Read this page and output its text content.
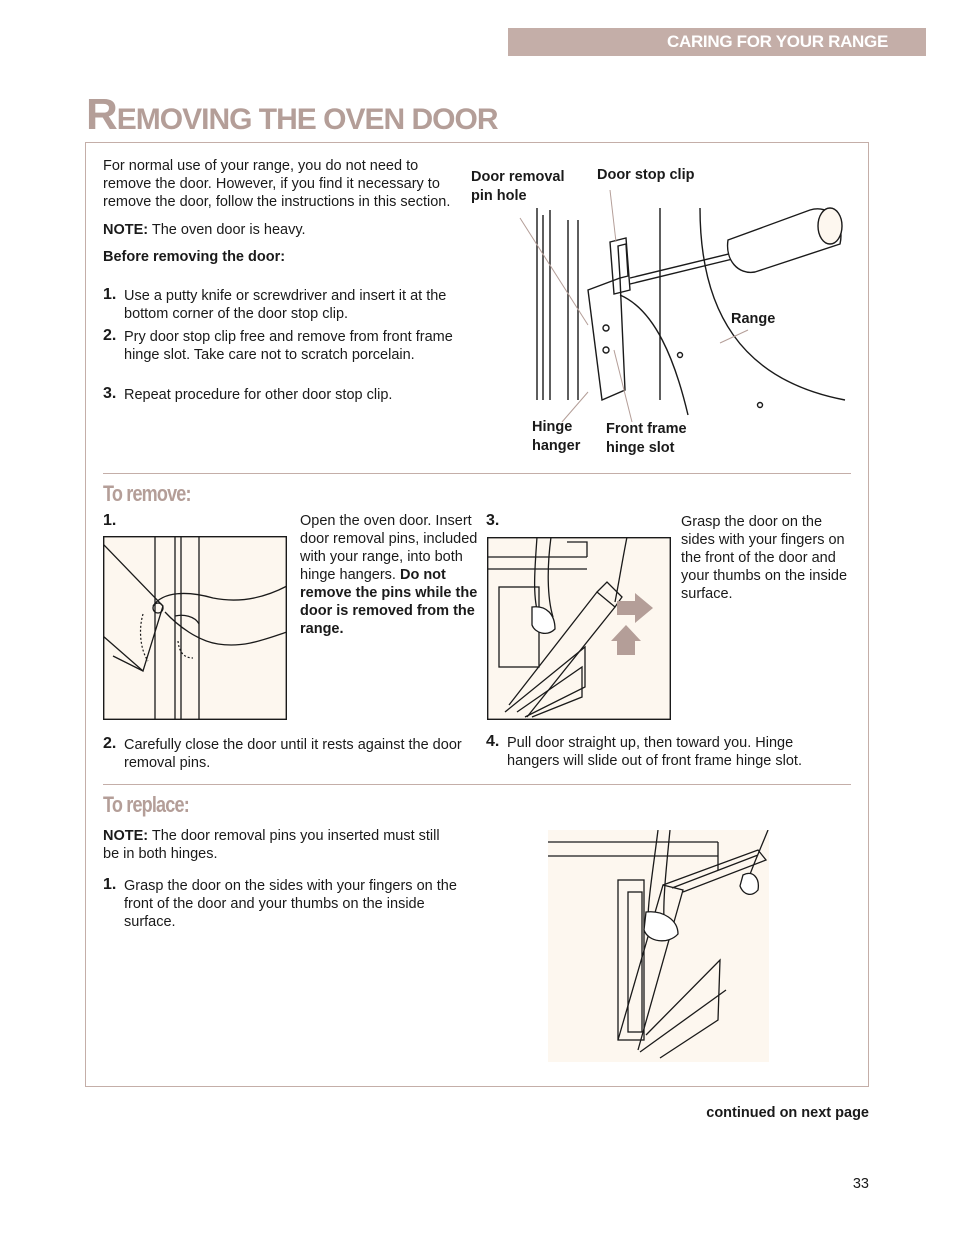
CARING FOR YOUR RANGE
REMOVING THE OVEN DOOR

For normal use of your range, you do not need to remove the door. However, if you find it necessary to remove the door, follow the instructions in this section.

NOTE: The oven door is heavy.

Before removing the door:

1. Use a putty knife or screwdriver and insert it at the bottom corner of the door stop clip.
2. Pry door stop clip free and remove from front frame hinge slot. Take care not to scratch porcelain.
3. Repeat procedure for other door stop clip.
Door removal pin hole
Door stop clip
Range
Hinge hanger
Front frame hinge slot
To remove:
1.	Open the oven door. Insert door removal pins, included with your range, into both hinge hangers. Do not remove the pins while the door is removed from the range.
2. Carefully close the door until it rests against the door removal pins.
3.	Grasp the door on the sides with your fingers on the front of the door and your thumbs on the inside surface.
4. Pull door straight up, then toward you. Hinge hangers will slide out of front frame hinge slot.
To replace:

NOTE: The door removal pins you inserted must still be in both hinges.

1. Grasp the door on the sides with your fingers on the front of the door and your thumbs on the inside surface.
continued on next page
33
